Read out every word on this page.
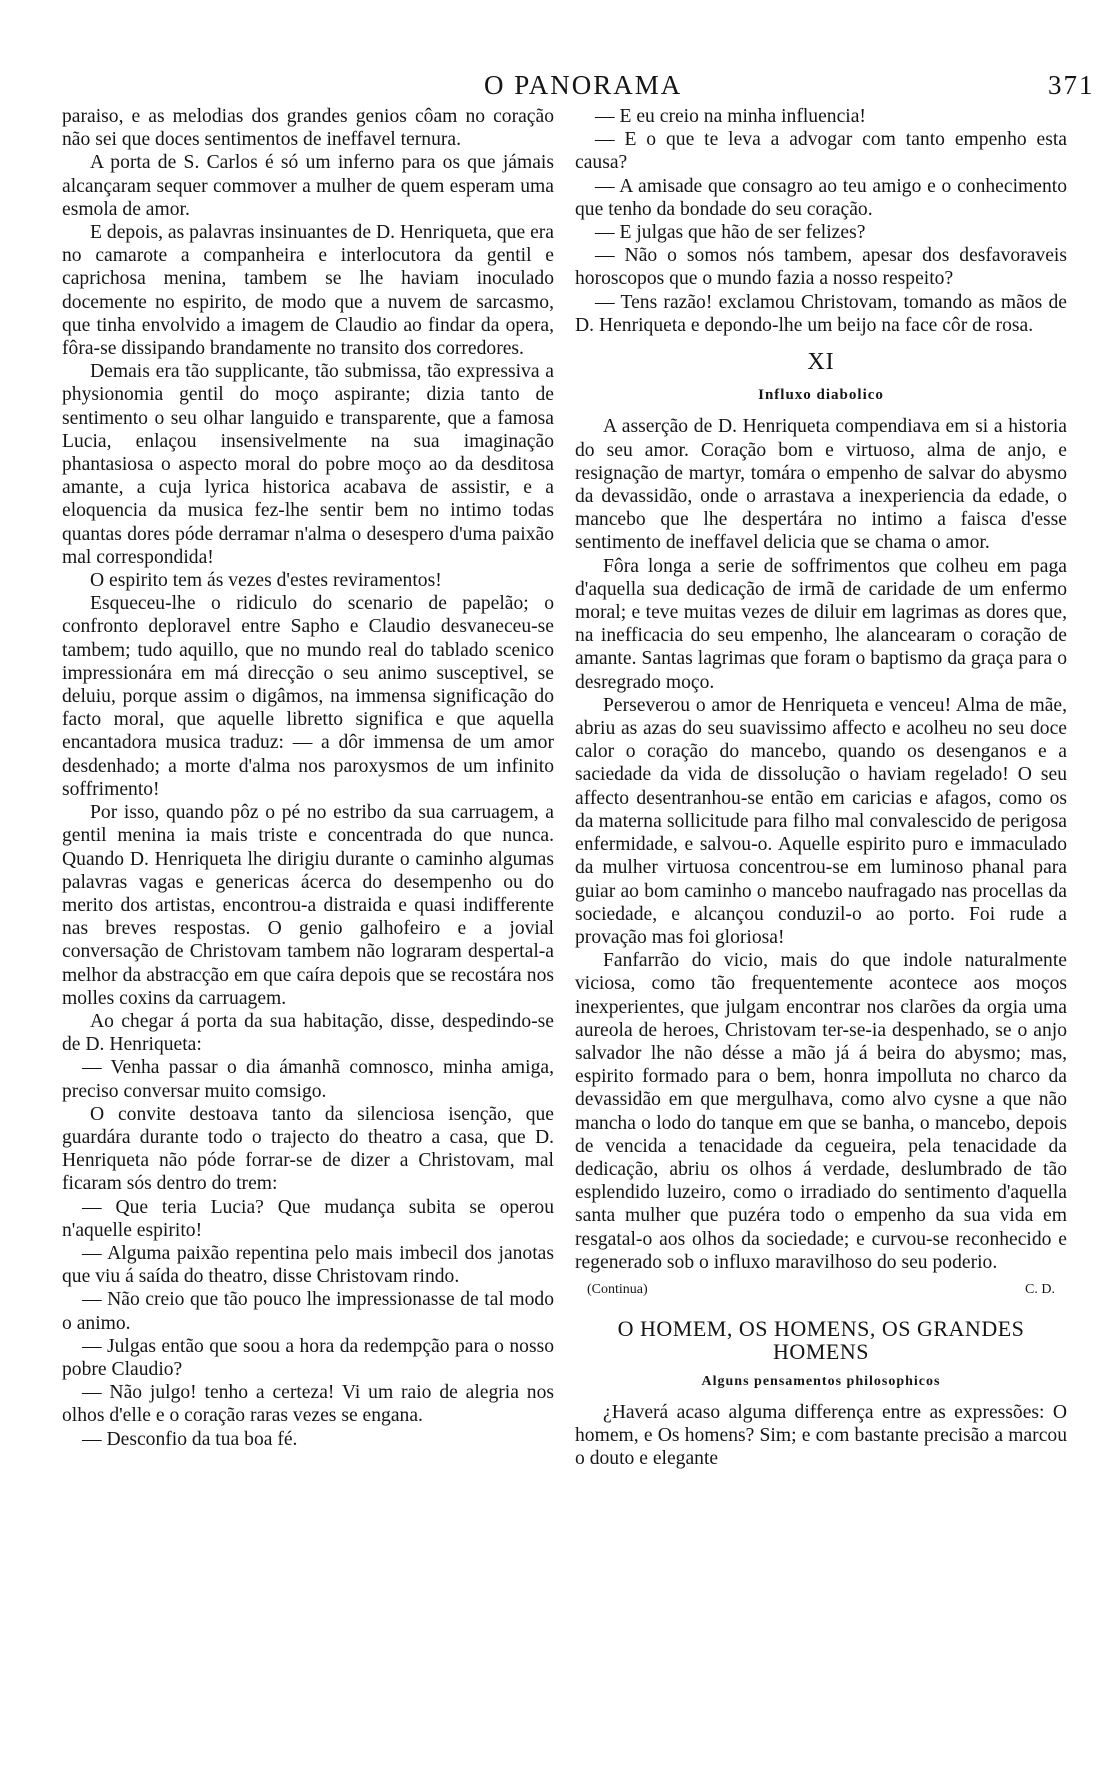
O PANORAMA	371

paraiso, e as melodias dos grandes genios côam no coração não sei que doces sentimentos de ineffavel ternura.

A porta de S. Carlos é só um inferno para os que jámais alcançaram sequer commover a mulher de quem esperam uma esmola de amor.

E depois, as palavras insinuantes de D. Henriqueta, que era no camarote a companheira e interlocutora da gentil e caprichosa menina, tambem se lhe haviam inoculado docemente no espirito, de modo que a nuvem de sarcasmo, que tinha envolvido a imagem de Claudio ao findar da opera, fôra-se dissipando brandamente no transito dos corredores.

Demais era tão supplicante, tão submissa, tão expressiva a physionomia gentil do moço aspirante; dizia tanto de sentimento o seu olhar languido e transparente, que a famosa Lucia, enlaçou insensivelmente na sua imaginação phantasiosa o aspecto moral do pobre moço ao da desditosa amante, a cuja lyrica historica acabava de assistir, e a eloquencia da musica fez-lhe sentir bem no intimo todas quantas dores póde derramar n'alma o desespero d'uma paixão mal correspondida!

O espirito tem ás vezes d'estes reviramentos!

Esqueceu-lhe o ridiculo do scenario de papelão; o confronto deploravel entre Sapho e Claudio desvaneceu-se tambem; tudo aquillo, que no mundo real do tablado scenico impressionára em má direcção o seu animo susceptivel, se deluiu, porque assim o digâmos, na immensa significação do facto moral, que aquelle libretto significa e que aquella encantadora musica traduz: — a dôr immensa de um amor desdenhado; a morte d'alma nos paroxysmos de um infinito soffrimento!

Por isso, quando pôz o pé no estribo da sua carruagem, a gentil menina ia mais triste e concentrada do que nunca. Quando D. Henriqueta lhe dirigiu durante o caminho algumas palavras vagas e genericas ácerca do desempenho ou do merito dos artistas, encontrou-a distraida e quasi indifferente nas breves respostas. O genio galhofeiro e a jovial conversação de Christovam tambem não lograram despertal-a melhor da abstracção em que caíra depois que se recostára nos molles coxins da carruagem.

Ao chegar á porta da sua habitação, disse, despedindo-se de D. Henriqueta:

— Venha passar o dia ámanhã comnosco, minha amiga, preciso conversar muito comsigo.

O convite destoava tanto da silenciosa isenção, que guardára durante todo o trajecto do theatro a casa, que D. Henriqueta não póde forrar-se de dizer a Christovam, mal ficaram sós dentro do trem:

— Que teria Lucia? Que mudança subita se operou n'aquelle espirito!

— Alguma paixão repentina pelo mais imbecil dos janotas que viu á saída do theatro, disse Christovam rindo.

— Não creio que tão pouco lhe impressionasse de tal modo o animo.

— Julgas então que soou a hora da redempção para o nosso pobre Claudio?

— Não julgo! tenho a certeza! Vi um raio de alegria nos olhos d'elle e o coração raras vezes se engana.

— Desconfio da tua boa fé.

— E eu creio na minha influencia!

— E o que te leva a advogar com tanto empenho esta causa?

— A amisade que consagro ao teu amigo e o conhecimento que tenho da bondade do seu coração.

— E julgas que hão de ser felizes?

— Não o somos nós tambem, apesar dos desfavoraveis horoscopos que o mundo fazia a nosso respeito?

— Tens razão! exclamou Christovam, tomando as mãos de D. Henriqueta e depondo-lhe um beijo na face côr de rosa.

XI
Influxo diabolico

A asserção de D. Henriqueta compendiava em si a historia do seu amor. Coração bom e virtuoso, alma de anjo, e resignação de martyr, tomára o empenho de salvar do abysmo da devassidão, onde o arrastava a inexperiencia da edade, o mancebo que lhe despertára no intimo a faisca d'esse sentimento de ineffavel delicia que se chama o amor.

Fôra longa a serie de soffrimentos que colheu em paga d'aquella sua dedicação de irmã de caridade de um enfermo moral; e teve muitas vezes de diluir em lagrimas as dores que, na inefficacia do seu empenho, lhe alancearam o coração de amante. Santas lagrimas que foram o baptismo da graça para o desregrado moço.

Perseverou o amor de Henriqueta e venceu! Alma de mãe, abriu as azas do seu suavissimo affecto e acolheu no seu doce calor o coração do mancebo, quando os desenganos e a saciedade da vida de dissolução o haviam regelado! O seu affecto desentranhou-se então em caricias e afagos, como os da materna sollicitude para filho mal convalescido de perigosa enfermidade, e salvou-o. Aquelle espirito puro e immaculado da mulher virtuosa concentrou-se em luminoso phanal para guiar ao bom caminho o mancebo naufragado nas procellas da sociedade, e alcançou conduzil-o ao porto. Foi rude a provação mas foi gloriosa!

Fanfarrão do vicio, mais do que indole naturalmente viciosa, como tão frequentemente acontece aos moços inexperientes, que julgam encontrar nos clarões da orgia uma aureola de heroes, Christovam ter-se-ia despenhado, se o anjo salvador lhe não désse a mão já á beira do abysmo; mas, espirito formado para o bem, honra impolluta no charco da devassidão em que mergulhava, como alvo cysne a que não mancha o lodo do tanque em que se banha, o mancebo, depois de vencida a tenacidade da cegueira, pela tenacidade da dedicação, abriu os olhos á verdade, deslumbrado de tão esplendido luzeiro, como o irradiado do sentimento d'aquella santa mulher que puzéra todo o empenho da sua vida em resgatal-o aos olhos da sociedade; e curvou-se reconhecido e regenerado sob o influxo maravilhoso do seu poderio.

(Continua)	C. D.
O HOMEM, OS HOMENS, OS GRANDES HOMENS
Alguns pensamentos philosophicos

¿Haverá acaso alguma differença entre as expressões: O homem, e Os homens? Sim; e com bastante precisão a marcou o douto e elegante
